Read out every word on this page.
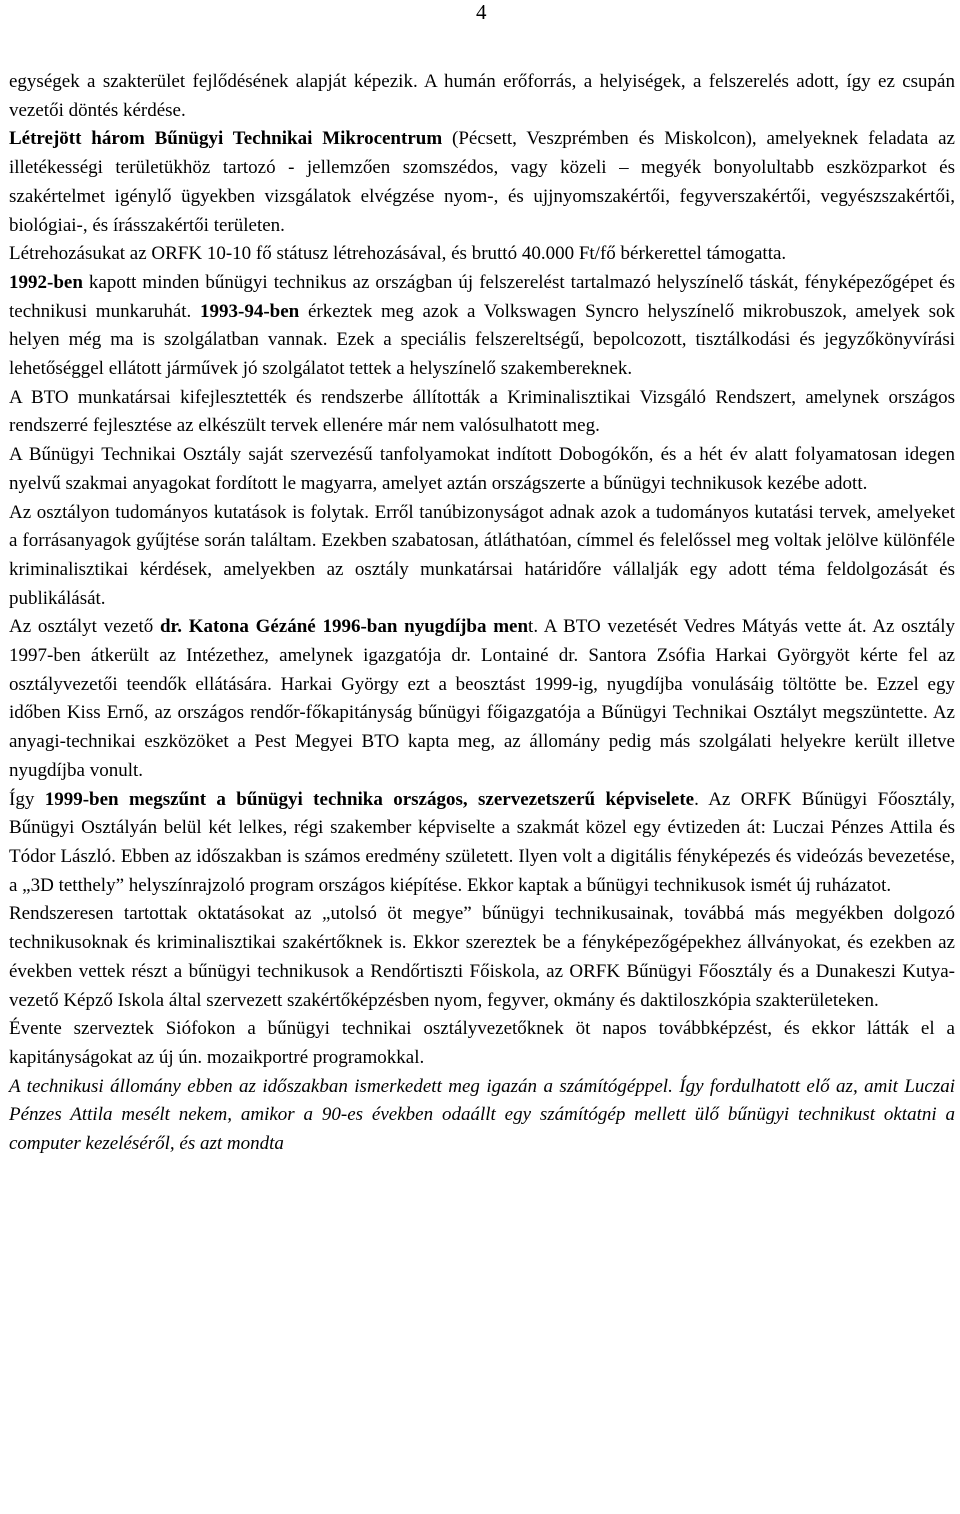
4

egységek a szakterület fejlődésének alapját képezik. A humán erőforrás, a helyiségek, a felszerelés adott, így ez csupán vezetői döntés kérdése.

Létrejött három Bűnügyi Technikai Mikrocentrum (Pécsett, Veszprémben és Miskolcon), amelyeknek feladata az illetékességi területükhöz tartozó - jellemzően szomszédos, vagy közeli – megyék bonyolultabb eszközparkot és szakértelmet igénylő ügyekben vizsgálatok elvégzése nyom-, és ujjnyomszakértői, fegyverszakértői, vegyészszakértői, biológiai-, és írásszakértői területen.

Létrehozásukat az ORFK 10-10 fő státusz létrehozásával, és bruttó 40.000 Ft/fő bérkerettel támogatta.

1992-ben kapott minden bűnügyi technikus az országban új felszerelést tartalmazó helyszínelő táskát, fényképezőgépet és technikusi munkaruhát. 1993-94-ben érkeztek meg azok a Volkswagen Syncro helyszínelő mikrobuszok, amelyek sok helyen még ma is szolgálatban vannak. Ezek a speciális felszereltségű, bepolcozott, tisztálkodási és jegyzőkönyvírási lehetőséggel ellátott járművek jó szolgálatot tettek a helyszínelő szakembereknek.

A BTO munkatársai kifejlesztették és rendszerbe állították a Kriminalisztikai Vizsgáló Rendszert, amelynek országos rendszerré fejlesztése az elkészült tervek ellenére már nem valósulhatott meg.

A Bűnügyi Technikai Osztály saját szervezésű tanfolyamokat indított Dobogókőn, és a hét év alatt folyamatosan idegen nyelvű szakmai anyagokat fordított le magyarra, amelyet aztán országszerte a bűnügyi technikusok kezébe adott.

Az osztályon tudományos kutatások is folytak. Erről tanúbizonyságot adnak azok a tudományos kutatási tervek, amelyeket a forrásanyagok gyűjtése során találtam. Ezekben szabatosan, átláthatóan, címmel és felelőssel meg voltak jelölve különféle kriminalisztikai kérdések, amelyekben az osztály munkatársai határidőre vállalják egy adott téma feldolgozását és publikálását.

Az osztályt vezető dr. Katona Gézáné 1996-ban nyugdíjba ment. A BTO vezetését Vedres Mátyás vette át. Az osztály 1997-ben átkerült az Intézethez, amelynek igazgatója dr. Lontainé dr. Santora Zsófia Harkai Györgyöt kérte fel az osztályvezetői teendők ellátására. Harkai György ezt a beosztást 1999-ig, nyugdíjba vonulásáig töltötte be. Ezzel egy időben Kiss Ernő, az országos rendőr-főkapitányság bűnügyi főigazgatója a Bűnügyi Technikai Osztályt megszüntette. Az anyagi-technikai eszközöket a Pest Megyei BTO kapta meg, az állomány pedig más szolgálati helyekre került illetve nyugdíjba vonult.

Így 1999-ben megszűnt a bűnügyi technika országos, szervezetszerű képviselete. Az ORFK Bűnügyi Főosztály, Bűnügyi Osztályán belül két lelkes, régi szakember képviselte a szakmát közel egy évtizeden át: Luczai Pénzes Attila és Tódor László. Ebben az időszakban is számos eredmény született. Ilyen volt a digitális fényképezés és videózás bevezetése, a „3D tetthely” helyszínrajzoló program országos kiépítése. Ekkor kaptak a bűnügyi technikusok ismét új ruházatot.

Rendszeresen tartottak oktatásokat az „utolsó öt megye” bűnügyi technikusainak, továbbá más megyékben dolgozó technikusoknak és kriminalisztikai szakértőknek is. Ekkor szereztek be a fényképezőgépekhez állványokat, és ezekben az években vettek részt a bűnügyi technikusok a Rendőrtiszti Főiskola, az ORFK Bűnügyi Főosztály és a Dunakeszi Kutya-vezető Képző Iskola által szervezett szakértőképzésben nyom, fegyver, okmány és daktiloszkópia szakterületeken.

Évente szerveztek Siófokon a bűnügyi technikai osztályvezetőknek öt napos továbbképzést, és ekkor látták el a kapitányságokat az új ún. mozaikportré programokkal.

A technikusi állomány ebben az időszakban ismerkedett meg igazán a számítógéppel. Így fordulhatott elő az, amit Luczai Pénzes Attila mesélt nekem, amikor a 90-es években odaállt egy számítógép mellett ülő bűnügyi technikust oktatni a computer kezeléséről, és azt mondta
